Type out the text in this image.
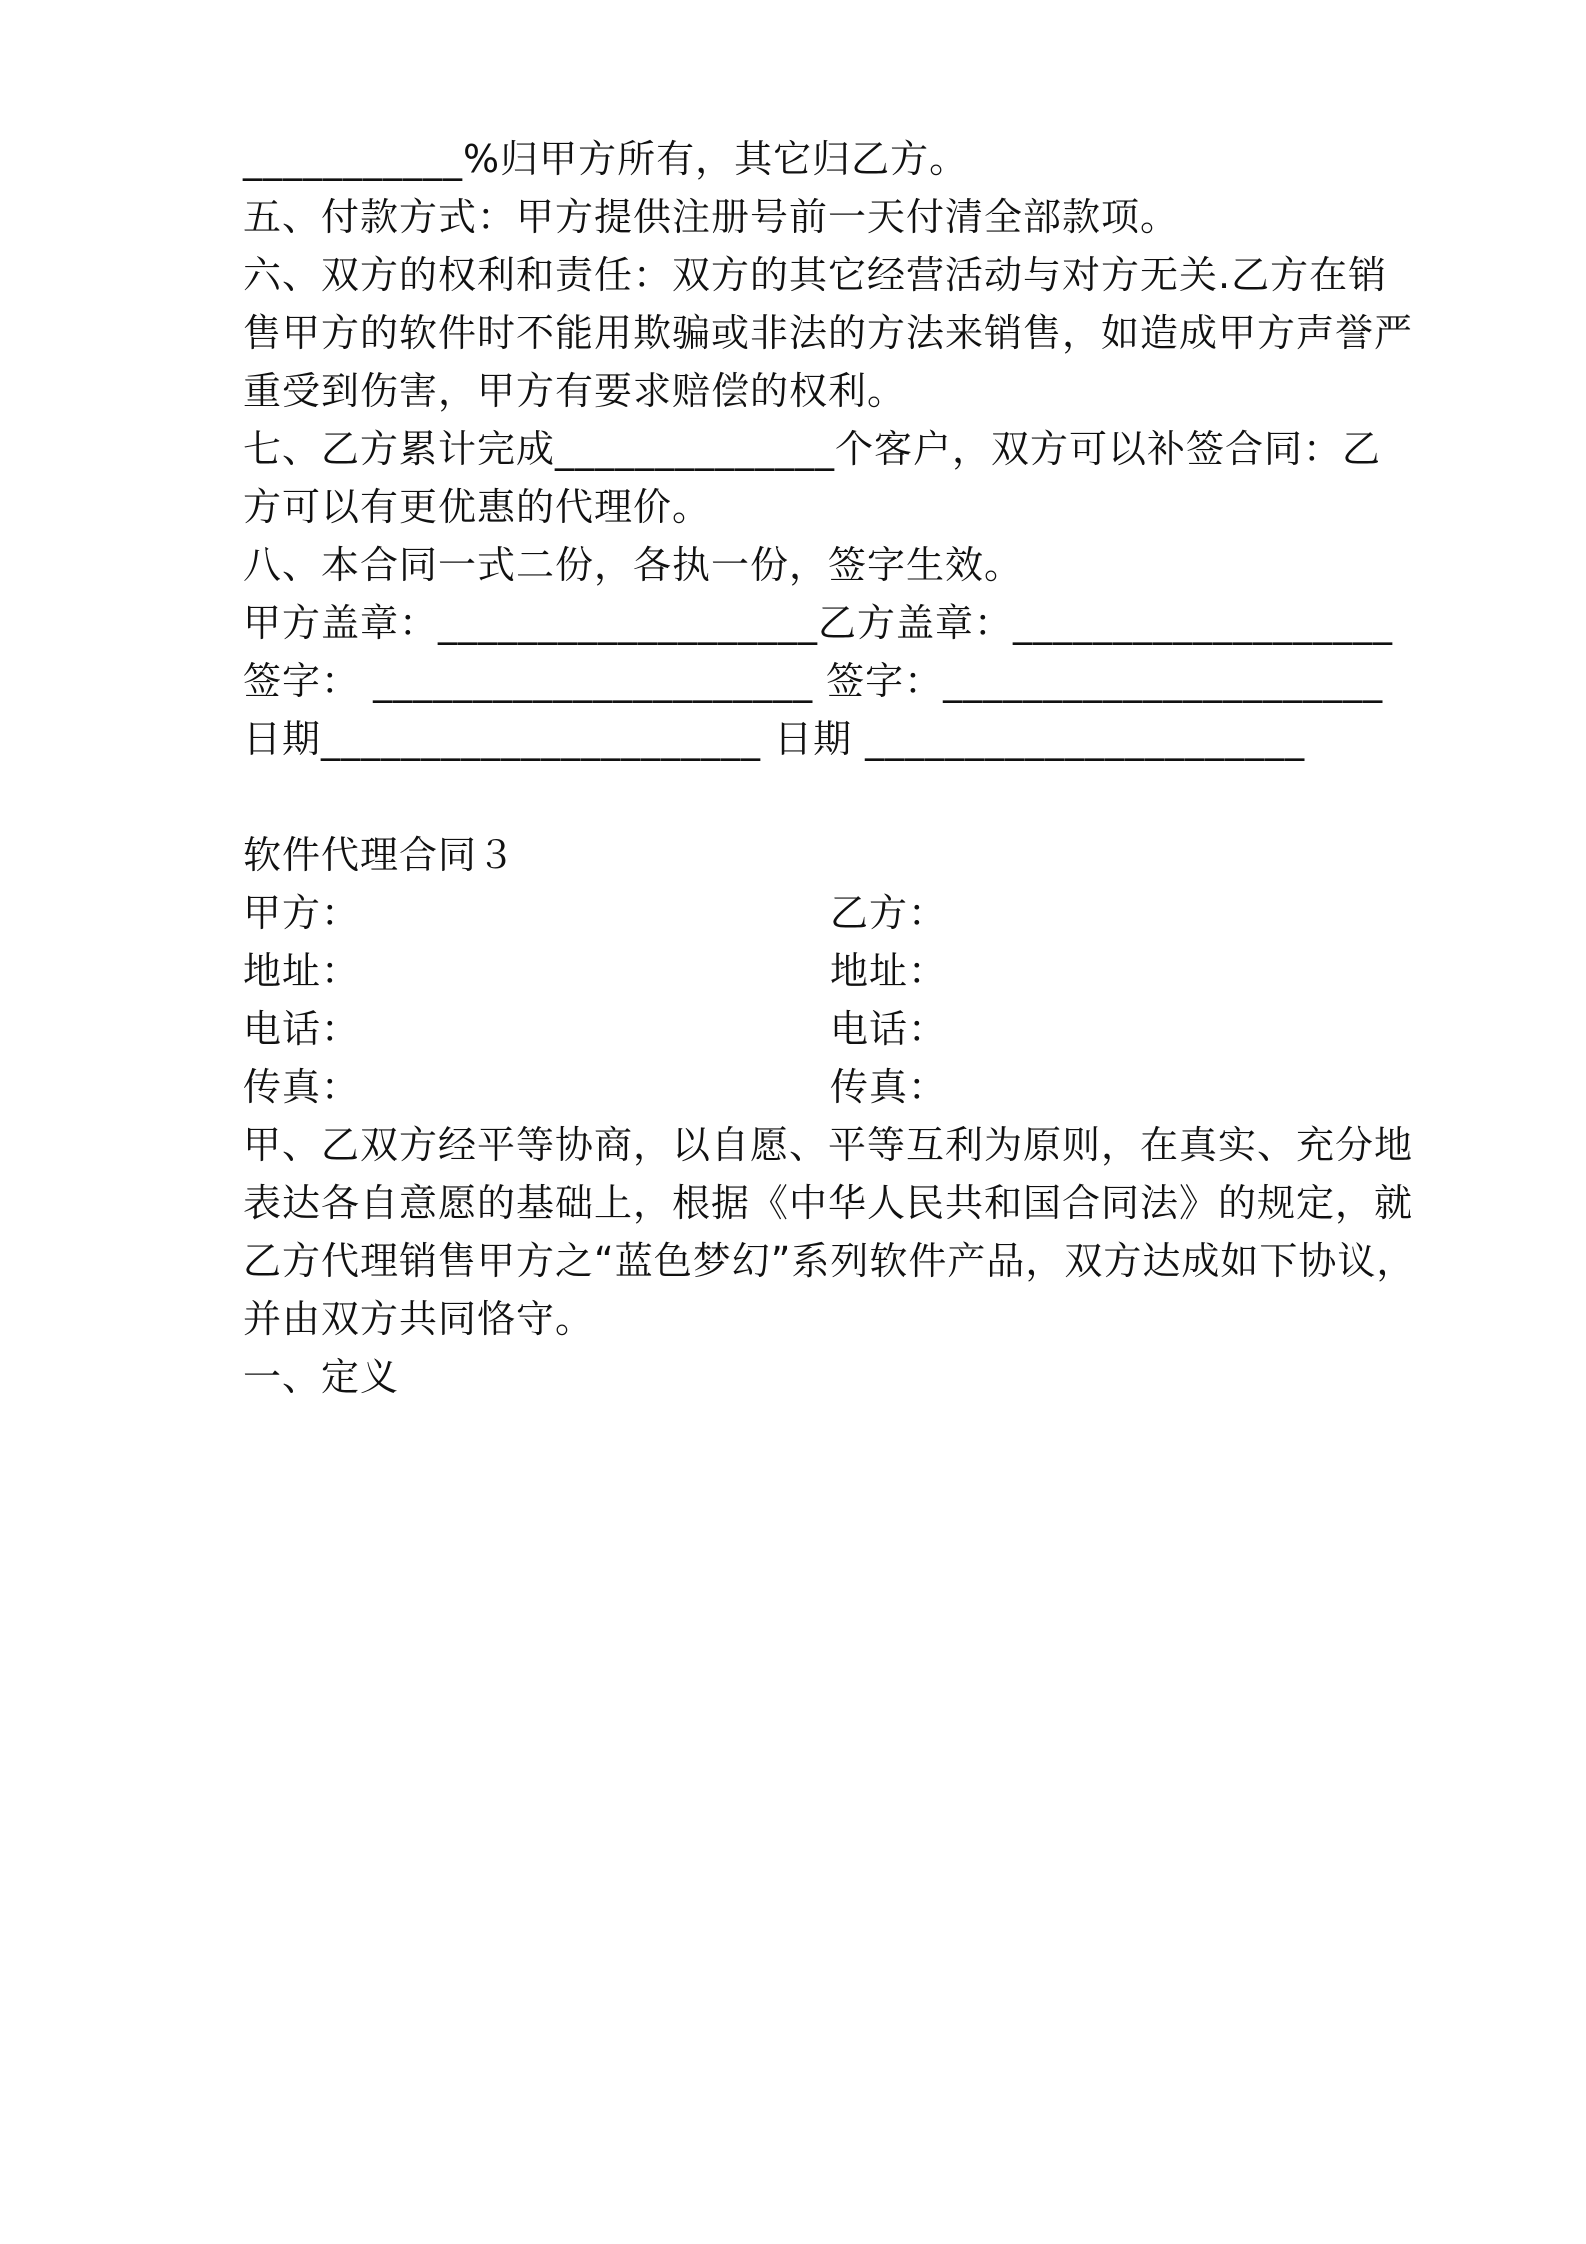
___________%归甲方所有，其它归乙方。
五、付款方式：甲方提供注册号前一天付清全部款项。
六、双方的权利和责任：双方的其它经营活动与对方无关.乙方在销
售甲方的软件时不能用欺骗或非法的方法来销售，如造成甲方声誉严
重受到伤害，甲方有要求赔偿的权利。
七、乙方累计完成______________个客户，双方可以补签合同：乙
方可以有更优惠的代理价。
八、本合同一式二份，各执一份，签字生效。
甲方盖章：___________________乙方盖章：___________________
签字： ______________________ 签字：______________________
日期______________________ 日期 ______________________
软件代理合同３
甲方：	乙方：
地址：	地址：
电话：	电话：
传真：	传真：
甲、乙双方经平等协商，以自愿、平等互利为原则，在真实、充分地
表达各自意愿的基础上，根据《中华人民共和国合同法》的规定，就
乙方代理销售甲方之“蓝色梦幻”系列软件产品，双方达成如下协议，
并由双方共同恪守。
一、定义
